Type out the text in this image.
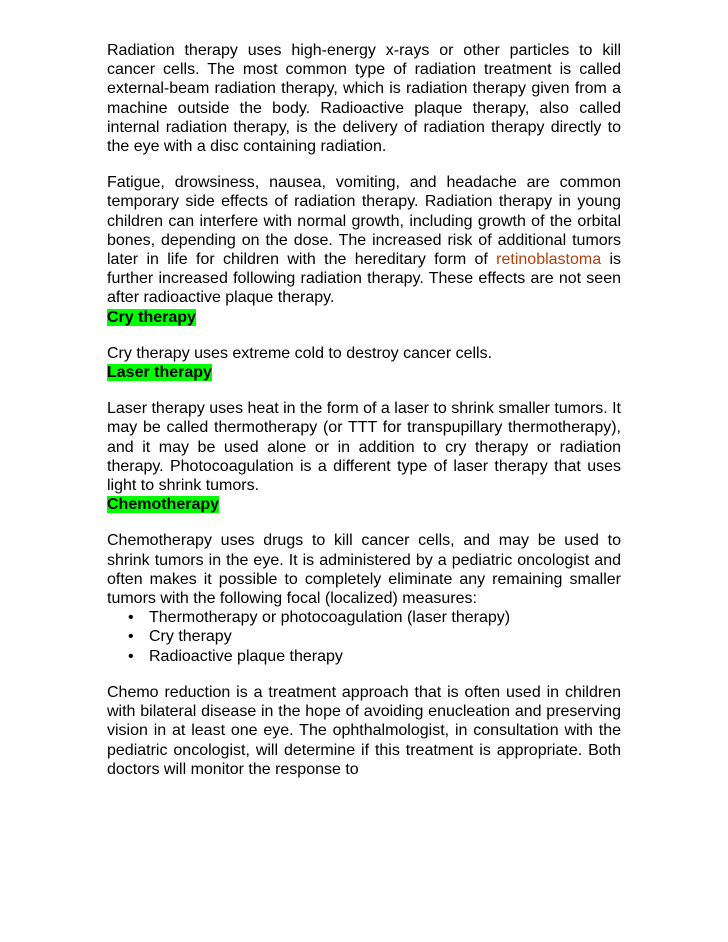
Radiation therapy uses high-energy x-rays or other particles to kill cancer cells. The most common type of radiation treatment is called external-beam radiation therapy, which is radiation therapy given from a machine outside the body. Radioactive plaque therapy, also called internal radiation therapy, is the delivery of radiation therapy directly to the eye with a disc containing radiation.

Fatigue, drowsiness, nausea, vomiting, and headache are common temporary side effects of radiation therapy. Radiation therapy in young children can interfere with normal growth, including growth of the orbital bones, depending on the dose. The increased risk of additional tumors later in life for children with the hereditary form of retinoblastoma is further increased following radiation therapy. These effects are not seen after radioactive plaque therapy.

Cry therapy

Cry therapy uses extreme cold to destroy cancer cells.

Laser therapy

Laser therapy uses heat in the form of a laser to shrink smaller tumors. It may be called thermotherapy (or TTT for transpupillary thermotherapy), and it may be used alone or in addition to cry therapy or radiation therapy. Photocoagulation is a different type of laser therapy that uses light to shrink tumors.

Chemotherapy

Chemotherapy uses drugs to kill cancer cells, and may be used to shrink tumors in the eye. It is administered by a pediatric oncologist and often makes it possible to completely eliminate any remaining smaller tumors with the following focal (localized) measures:

• Thermotherapy or photocoagulation (laser therapy)
• Cry therapy
• Radioactive plaque therapy

Chemo reduction is a treatment approach that is often used in children with bilateral disease in the hope of avoiding enucleation and preserving vision in at least one eye. The ophthalmologist, in consultation with the pediatric oncologist, will determine if this treatment is appropriate. Both doctors will monitor the response to
